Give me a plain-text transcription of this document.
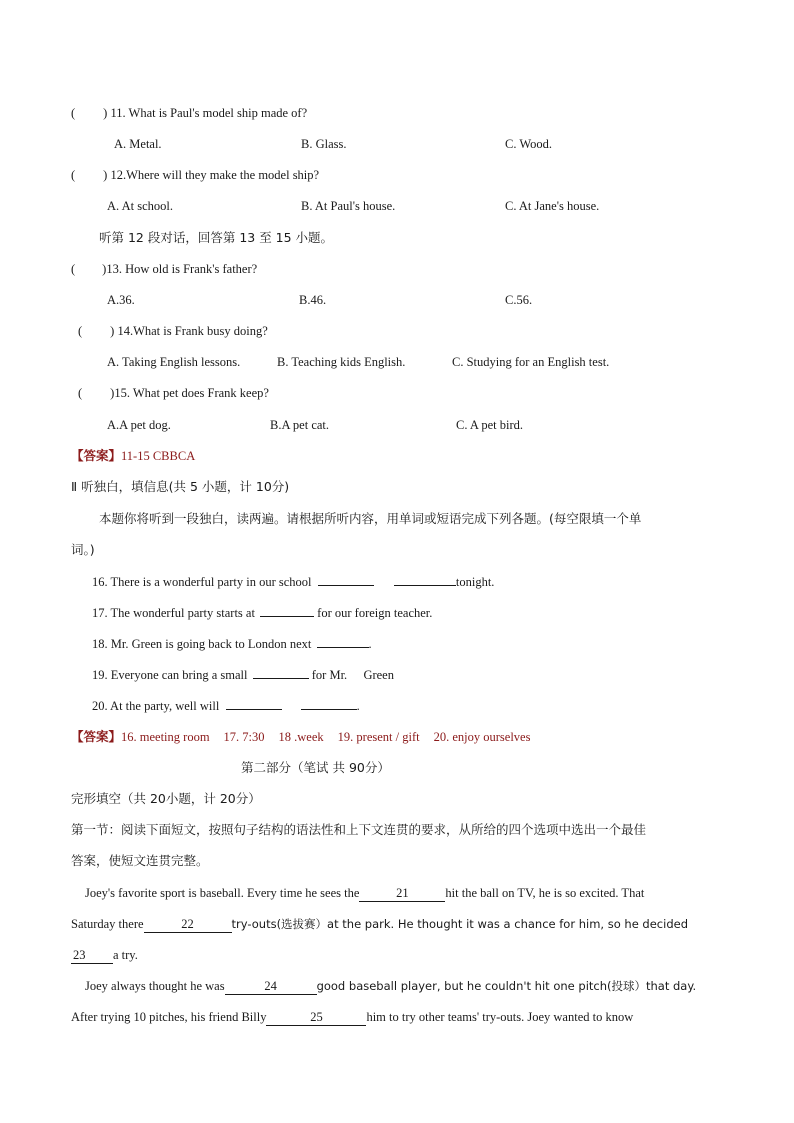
( ) 11. What is Paul's model ship made of?
A. Metal.	B. Glass.	C. Wood.
( ) 12.Where will they make the model ship?
A. At school.	B. At Paul's house.	C. At Jane's house.
听第 12 段对话，回答第 13 至 15 小题。
( )13. How old is Frank's father?
A.36.	B.46.	C.56.
( ) 14.What is Frank busy doing?
A. Taking English lessons.	B. Teaching kids English.	C. Studying for an English test.
( )15. What pet does Frank keep?
A.A pet dog.	B.A pet cat.	C. A pet bird.
【答案】11-15 CBBCA
Ⅱ 听独白，填信息(共 5 小题，计 10分)
本题你将听到一段独白，读两遍。请根据所听内容，用单词或短语完成下列各题。(每空限填一个单
词。)
16. There is a wonderful party in our school	tonight.
17. The wonderful party starts at	for our foreign teacher.
18. Mr. Green is going back to London next	.
19. Everyone can bring a small	for Mr. Green
20. At the party, well will	.
【答案】16. meeting room 17. 7:30 18 .week 19. present / gift 20. enjoy ourselves
第二部分（笔试 共 90分）
完形填空（共 20小题，计 20分）
第一节：阅读下面短文，按照句子结构的语法性和上下文连贯的要求，从所给的四个选项中选出一个最佳
答案，使短文连贯完整。
Joey's favorite sport is baseball. Every time he sees the	21	hit the ball on TV, he is so excited. That
Saturday there	22	try-outs(选拔赛）at the park. He thought it was a chance for him, so he decided
23 a try.
Joey always thought he was	24	good baseball player, but he couldn't hit one pitch(投球）that day.
After trying 10 pitches, his friend Billy	25	him to try other teams' try-outs. Joey wanted to know
